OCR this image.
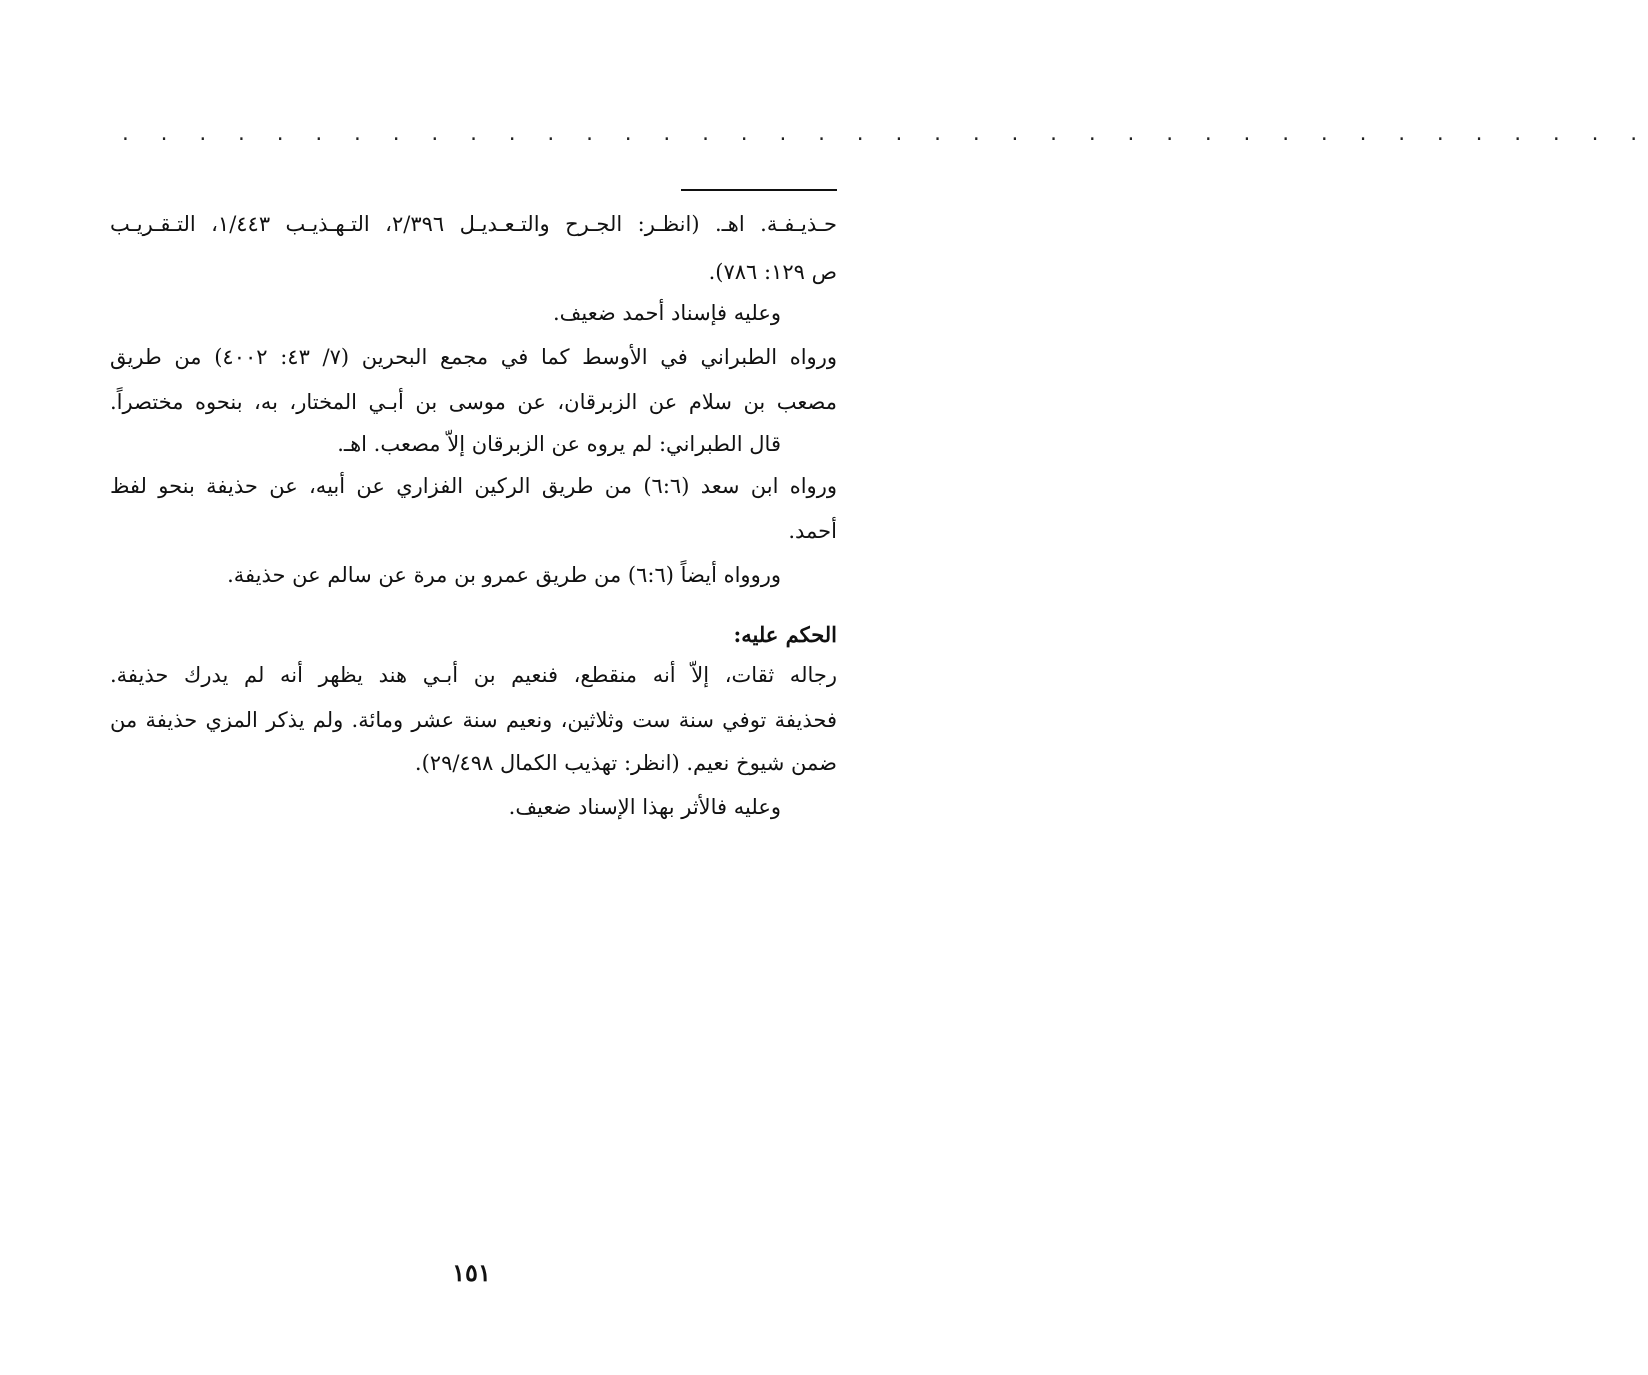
. . . . . . . . . . . . . . . . . . . . . . . . . . . . . . . . . . . . . . . .
حـذيـفـة. اهـ. (انظـر: الجـرح والتـعـديـل ٢/٣٩٦، التـهـذيـب ١/٤٤٣، التـقـريـب
ص ١٢٩: ٧٨٦).
وعليه فإسناد أحمد ضعيف.
ورواه الطبراني في الأوسط كما في مجمع البحرين (٧/ ٤٣: ٤٠٠٢) من طريق
مصعب بن سلام عن الزبرقان، عن موسى بن أبـي المختار، به، بنحوه مختصراً.
قال الطبراني: لم يروه عن الزبرقان إلاّ مصعب. اهـ.
ورواه ابن سعد (٦:٦) من طريق الركين الفزاري عن أبيه، عن حذيفة بنحو لفظ
أحمد.
وروواه أيضاً (٦:٦) من طريق عمرو بن مرة عن سالم عن حذيفة.
الحكم عليه:
رجاله ثقات، إلاّ أنه منقطع، فنعيم بن أبـي هند يظهر أنه لم يدرك حذيفة.
فحذيفة توفي سنة ست وثلاثين، ونعيم سنة عشر ومائة. ولم يذكر المزي حذيفة من
ضمن شيوخ نعيم. (انظر: تهذيب الكمال ٢٩/٤٩٨).
وعليه فالأثر بهذا الإسناد ضعيف.
١٥١
